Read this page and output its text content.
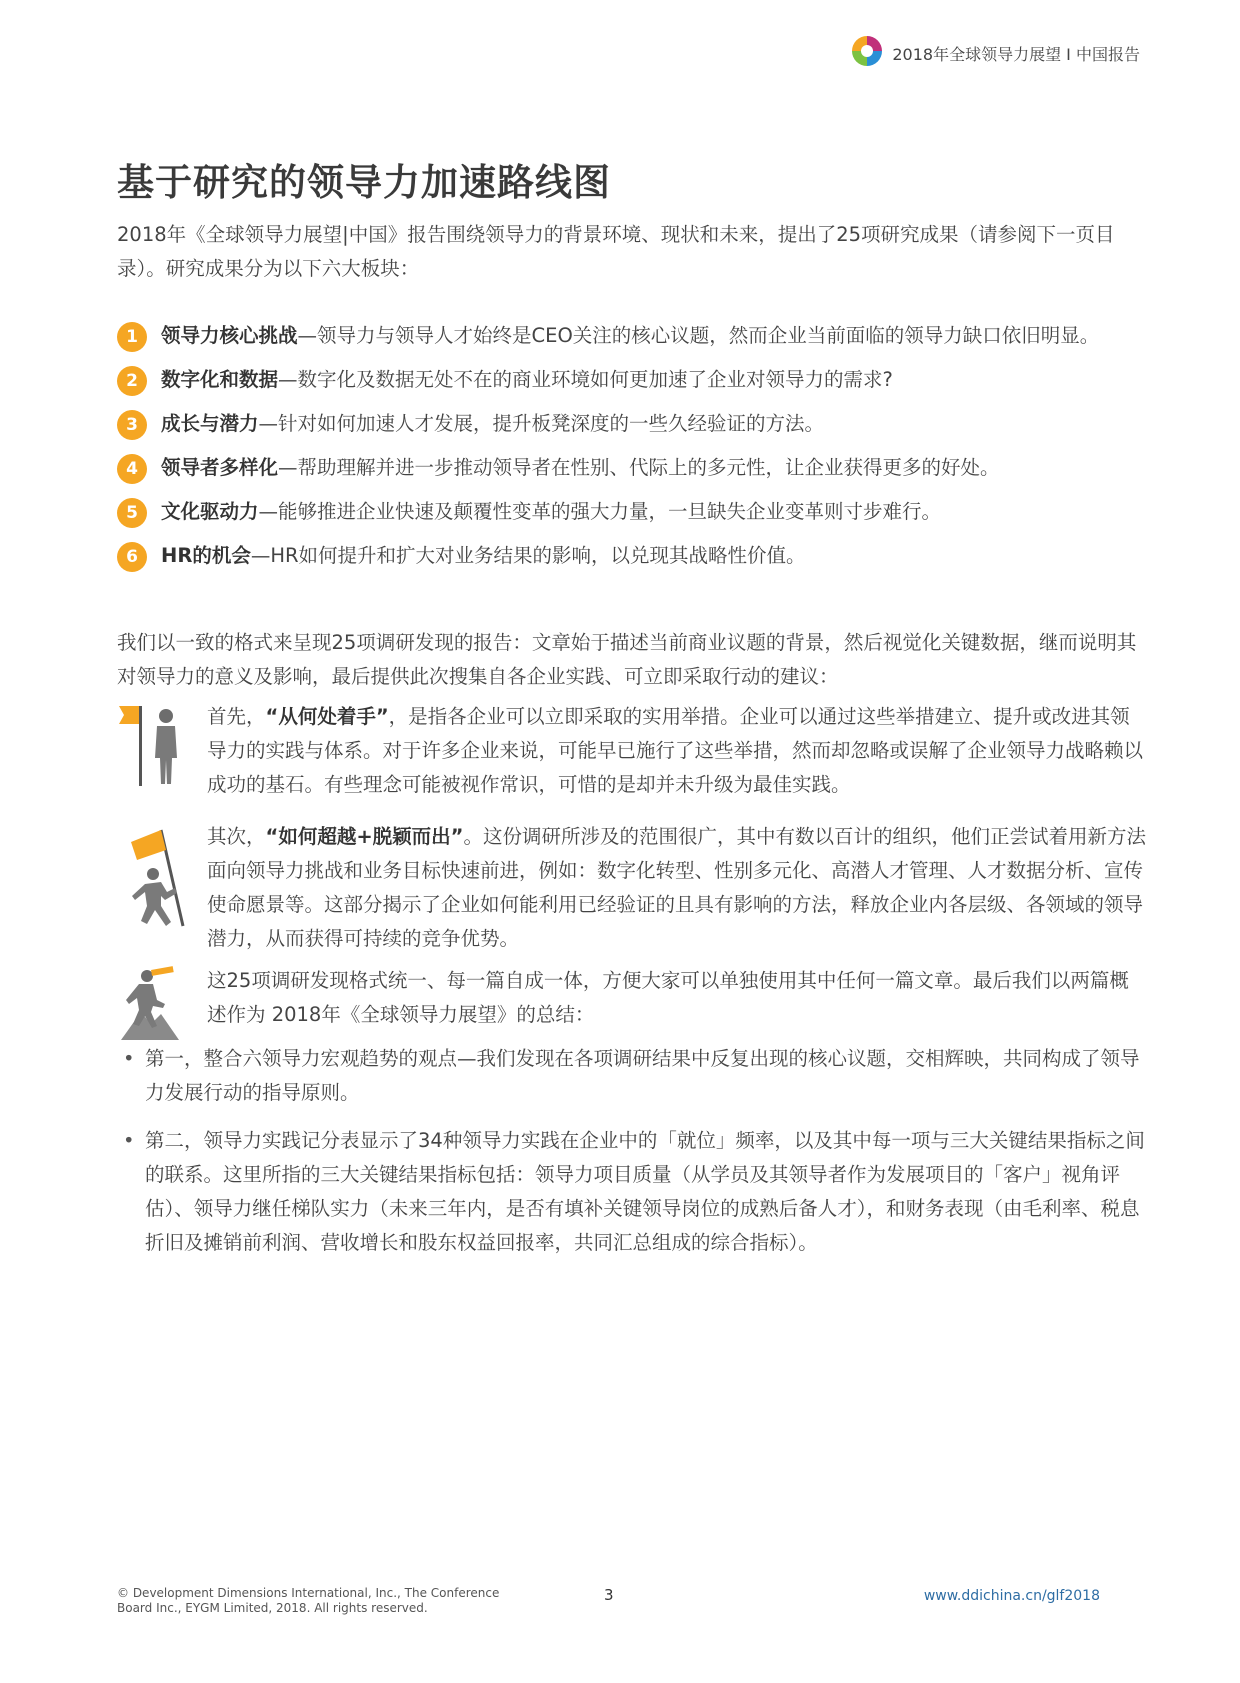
2018年全球领导力展望 I 中国报告
基于研究的领导力加速路线图

2018年《全球领导力展望|中国》报告围绕领导力的背景环境、现状和未来，提出了25项研究成果（请参阅下一页目录）。研究成果分为以下六大板块：

1	领导力核心挑战—领导力与领导人才始终是CEO关注的核心议题，然而企业当前面临的领导力缺口依旧明显。
2	数字化和数据—数字化及数据无处不在的商业环境如何更加速了企业对领导力的需求?
3	成长与潜力—针对如何加速人才发展，提升板凳深度的一些久经验证的方法。
4	领导者多样化—帮助理解并进一步推动领导者在性别、代际上的多元性，让企业获得更多的好处。
5	文化驱动力—能够推进企业快速及颠覆性变革的强大力量，一旦缺失企业变革则寸步难行。
6	HR的机会—HR如何提升和扩大对业务结果的影响，以兑现其战略性价值。

我们以一致的格式来呈现25项调研发现的报告：文章始于描述当前商业议题的背景，然后视觉化关键数据，继而说明其对领导力的意义及影响，最后提供此次搜集自各企业实践、可立即采取行动的建议：

首先，“从何处着手”，是指各企业可以立即采取的实用举措。企业可以通过这些举措建立、提升或改进其领导力的实践与体系。对于许多企业来说，可能早已施行了这些举措，然而却忽略或误解了企业领导力战略赖以成功的基石。有些理念可能被视作常识，可惜的是却并未升级为最佳实践。

其次，“如何超越+脱颖而出”。这份调研所涉及的范围很广，其中有数以百计的组织，他们正尝试着用新方法面向领导力挑战和业务目标快速前进，例如：数字化转型、性别多元化、高潜人才管理、人才数据分析、宣传使命愿景等。这部分揭示了企业如何能利用已经验证的且具有影响的方法，释放企业内各层级、各领域的领导潜力，从而获得可持续的竞争优势。

这25项调研发现格式统一、每一篇自成一体，方便大家可以单独使用其中任何一篇文章。最后我们以两篇概述作为 2018年《全球领导力展望》的总结：

• 第一，整合六领导力宏观趋势的观点—我们发现在各项调研结果中反复出现的核心议题，交相辉映，共同构成了领导力发展行动的指导原则。
• 第二，领导力实践记分表显示了34种领导力实践在企业中的「就位」频率，以及其中每一项与三大关键结果指标之间的联系。这里所指的三大关键结果指标包括：领导力项目质量（从学员及其领导者作为发展项目的「客户」视角评估）、领导力继任梯队实力（未来三年内，是否有填补关键领导岗位的成熟后备人才），和财务表现（由毛利率、税息折旧及摊销前利润、营收增长和股东权益回报率，共同汇总组成的综合指标）。
© Development Dimensions International, Inc., The Conference Board Inc., EYGM Limited, 2018. All rights reserved.
3	www.ddichina.cn/glf2018
